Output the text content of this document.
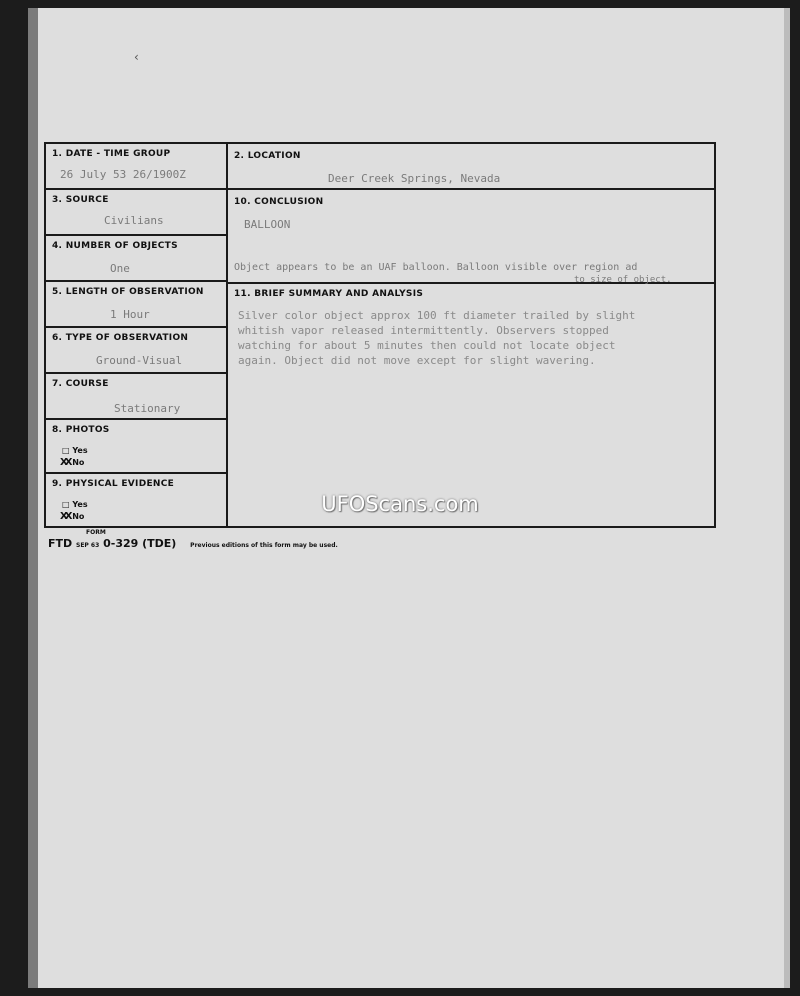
‹
1. DATE - TIME GROUP
26 July 53 26/1900Z
2. LOCATION
Deer Creek Springs, Nevada
3. SOURCE
Civilians
10. CONCLUSION
BALLOON
4. NUMBER OF OBJECTS
One	Object appears to be an UAF balloon. Balloon visible over region ad
to size of object.
5. LENGTH OF OBSERVATION
1 Hour
11. BRIEF SUMMARY AND ANALYSIS
6. TYPE OF OBSERVATION
Ground-Visual
7. COURSE
Stationary
8. PHOTOS
□ Yes
XX No
9. PHYSICAL EVIDENCE
□ Yes
XX No
Silver color object approx 100 ft diameter trailed by slight
whitish vapor released intermittently. Observers stopped
watching for about 5 minutes then could not locate object
again. Object did not move except for slight wavering.
FORM
FTD SEP 63 0-329 (TDE) Previous editions of this form may be used.
UFOScans.com
